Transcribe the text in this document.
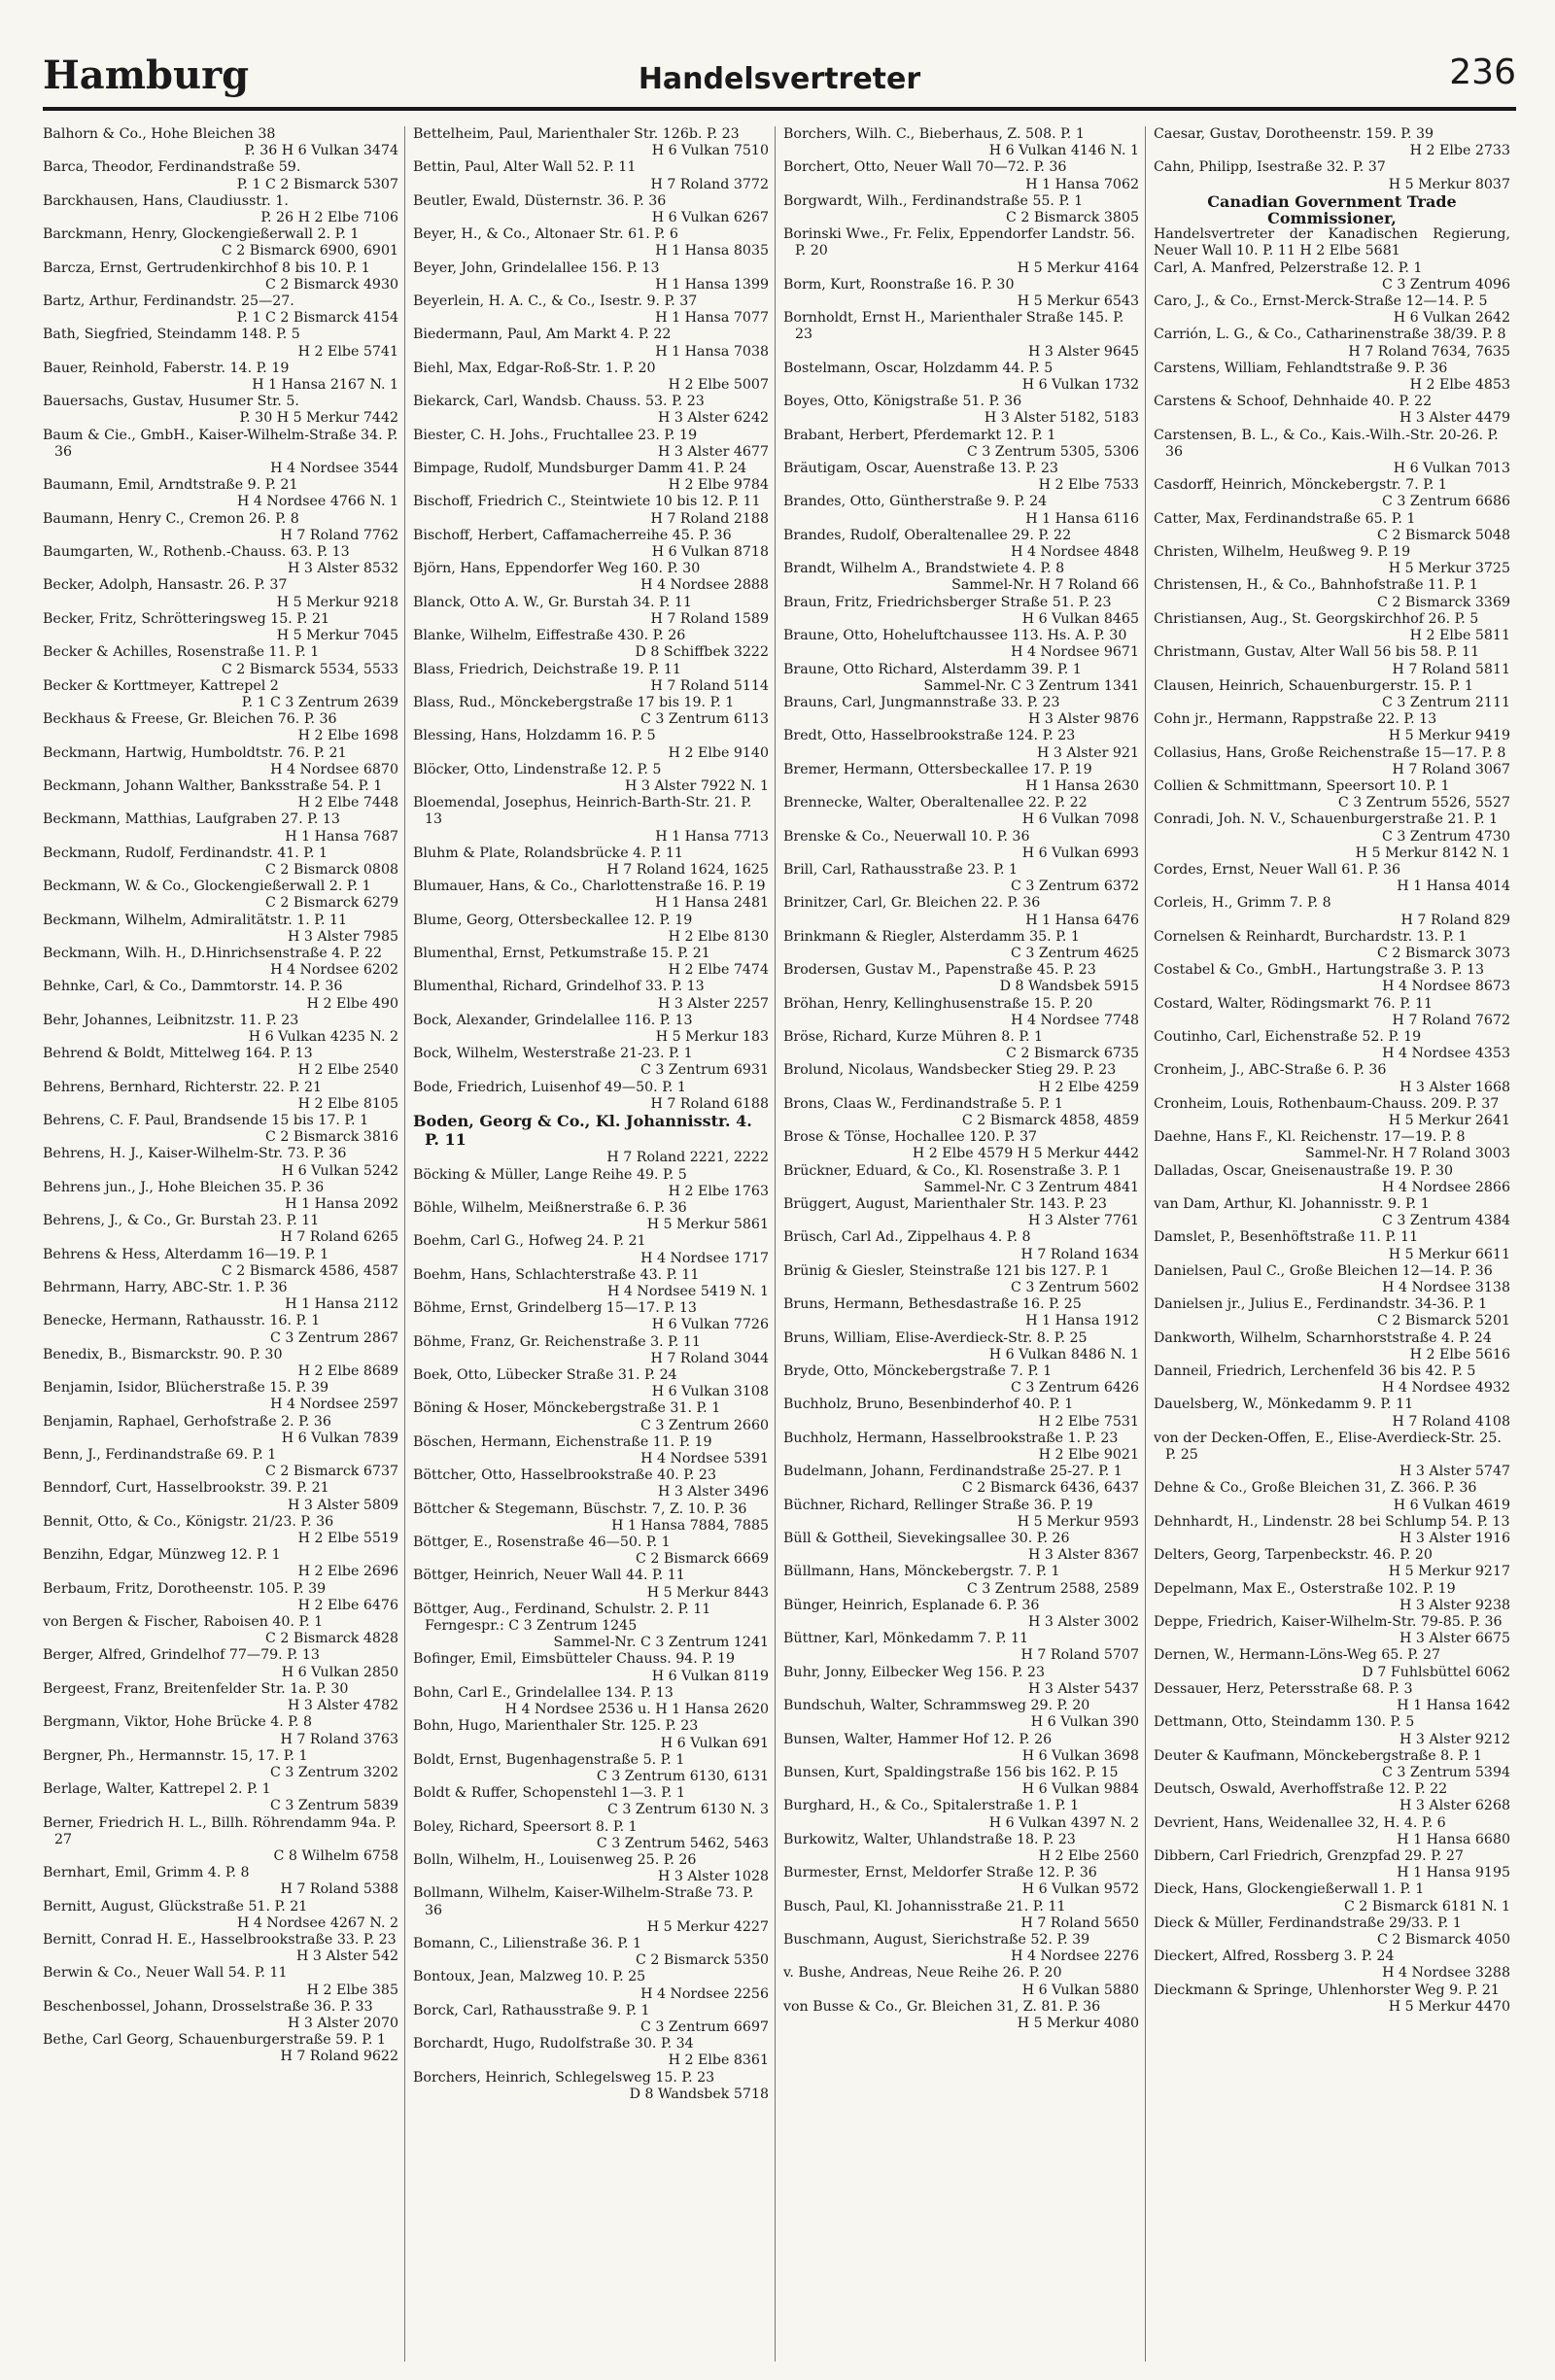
Hamburg	Handelsvertreter	236
Balhorn & Co., Hohe Bleichen 38
P. 36 H 6 Vulkan 3474
Barca, Theodor, Ferdinandstraße 59.
P. 1 C 2 Bismarck 5307
Barckhausen, Hans, Claudiusstr. 1.
P. 26 H 2 Elbe 7106
Barckmann, Henry, Glockengießerwall 2. P. 1
C 2 Bismarck 6900, 6901
Barcza, Ernst, Gertrudenkirchhof 8 bis 10. P. 1
C 2 Bismarck 4930
Bartz, Arthur, Ferdinandstr. 25—27.
P. 1 C 2 Bismarck 4154
Bath, Siegfried, Steindamm 148. P. 5
H 2 Elbe 5741
Bauer, Reinhold, Faberstr. 14. P. 19
H 1 Hansa 2167 N. 1
Bauersachs, Gustav, Husumer Str. 5.
P. 30 H 5 Merkur 7442
Baum & Cie., GmbH., Kaiser-Wilhelm-Straße 34. P. 36
H 4 Nordsee 3544
Baumann, Emil, Arndtstraße 9. P. 21
H 4 Nordsee 4766 N. 1
Baumann, Henry C., Cremon 26. P. 8
H 7 Roland 7762
Baumgarten, W., Rothenb.-Chauss. 63. P. 13
H 3 Alster 8532
Becker, Adolph, Hansastr. 26. P. 37
H 5 Merkur 9218
Becker, Fritz, Schrötteringsweg 15. P. 21
H 5 Merkur 7045
Becker & Achilles, Rosenstraße 11. P. 1
C 2 Bismarck 5534, 5533
Becker & Korttmeyer, Kattrepel 2
P. 1 C 3 Zentrum 2639
Beckhaus & Freese, Gr. Bleichen 76. P. 36
H 2 Elbe 1698
Beckmann, Hartwig, Humboldtstr. 76. P. 21
H 4 Nordsee 6870
Beckmann, Johann Walther, Banksstraße 54. P. 1
H 2 Elbe 7448
Beckmann, Matthias, Laufgraben 27. P. 13
H 1 Hansa 7687
Beckmann, Rudolf, Ferdinandstr. 41. P. 1
C 2 Bismarck 0808
Beckmann, W. & Co., Glockengießerwall 2. P. 1
C 2 Bismarck 6279
Beckmann, Wilhelm, Admiralitätstr. 1. P. 11
H 3 Alster 7985
Beckmann, Wilh. H., D.Hinrichsenstraße 4. P. 22
H 4 Nordsee 6202
Behnke, Carl, & Co., Dammtorstr. 14. P. 36
H 2 Elbe 490
Behr, Johannes, Leibnitzstr. 11. P. 23
H 6 Vulkan 4235 N. 2
Behrend & Boldt, Mittelweg 164. P. 13
H 2 Elbe 2540
Behrens, Bernhard, Richterstr. 22. P. 21
H 2 Elbe 8105
Behrens, C. F. Paul, Brandsende 15 bis 17. P. 1
C 2 Bismarck 3816
Behrens, H. J., Kaiser-Wilhelm-Str. 73. P. 36
H 6 Vulkan 5242
Behrens jun., J., Hohe Bleichen 35. P. 36
H 1 Hansa 2092
Behrens, J., & Co., Gr. Burstah 23. P. 11
H 7 Roland 6265
Behrens & Hess, Alterdamm 16—19. P. 1
C 2 Bismarck 4586, 4587
Behrmann, Harry, ABC-Str. 1. P. 36
H 1 Hansa 2112
Benecke, Hermann, Rathausstr. 16. P. 1
C 3 Zentrum 2867
Benedix, B., Bismarckstr. 90. P. 30
H 2 Elbe 8689
Benjamin, Isidor, Blücherstraße 15. P. 39
H 4 Nordsee 2597
Benjamin, Raphael, Gerhofstraße 2. P. 36
H 6 Vulkan 7839
Benn, J., Ferdinandstraße 69. P. 1
C 2 Bismarck 6737
Benndorf, Curt, Hasselbrookstr. 39. P. 21
H 3 Alster 5809
Bennit, Otto, & Co., Königstr. 21/23. P. 36
H 2 Elbe 5519
Benzihn, Edgar, Münzweg 12. P. 1
H 2 Elbe 2696
Berbaum, Fritz, Dorotheenstr. 105. P. 39
H 2 Elbe 6476
von Bergen & Fischer, Raboisen 40. P. 1
C 2 Bismarck 4828
Berger, Alfred, Grindelhof 77—79. P. 13
H 6 Vulkan 2850
Bergeest, Franz, Breitenfelder Str. 1a. P. 30
H 3 Alster 4782
Bergmann, Viktor, Hohe Brücke 4. P. 8
H 7 Roland 3763
Bergner, Ph., Hermannstr. 15, 17. P. 1
C 3 Zentrum 3202
Berlage, Walter, Kattrepel 2. P. 1
C 3 Zentrum 5839
Berner, Friedrich H. L., Billh. Röhrendamm 94a. P. 27
C 8 Wilhelm 6758
Bernhart, Emil, Grimm 4. P. 8
H 7 Roland 5388
Bernitt, August, Glückstraße 51. P. 21
H 4 Nordsee 4267 N. 2
Bernitt, Conrad H. E., Hasselbrookstraße 33. P. 23
H 3 Alster 542
Berwin & Co., Neuer Wall 54. P. 11
H 2 Elbe 385
Beschenbossel, Johann, Drosselstraße 36. P. 33
H 3 Alster 2070
Bethe, Carl Georg, Schauenburgerstraße 59. P. 1
H 7 Roland 9622
Bettelheim, Paul, Marienthaler Str. 126b. P. 23
H 6 Vulkan 7510
Bettin, Paul, Alter Wall 52. P. 11
H 7 Roland 3772
Beutler, Ewald, Düsternstr. 36. P. 36
H 6 Vulkan 6267
Beyer, H., & Co., Altonaer Str. 61. P. 6
H 1 Hansa 8035
Beyer, John, Grindelallee 156. P. 13
H 1 Hansa 1399
Beyerlein, H. A. C., & Co., Isestr. 9. P. 37
H 1 Hansa 7077
Biedermann, Paul, Am Markt 4. P. 22
H 1 Hansa 7038
Biehl, Max, Edgar-Roß-Str. 1. P. 20
H 2 Elbe 5007
Biekarck, Carl, Wandsb. Chauss. 53. P. 23
H 3 Alster 6242
Biester, C. H. Johs., Fruchtallee 23. P. 19
H 3 Alster 4677
Bimpage, Rudolf, Mundsburger Damm 41. P. 24
H 2 Elbe 9784
Bischoff, Friedrich C., Steintwiete 10 bis 12. P. 11
H 7 Roland 2188
Bischoff, Herbert, Caffamacherreihe 45. P. 36
H 6 Vulkan 8718
Björn, Hans, Eppendorfer Weg 160. P. 30
H 4 Nordsee 2888
Blanck, Otto A. W., Gr. Burstah 34. P. 11
H 7 Roland 1589
Blanke, Wilhelm, Eiffestraße 430. P. 26
D 8 Schiffbek 3222
Blass, Friedrich, Deichstraße 19. P. 11
H 7 Roland 5114
Blass, Rud., Mönckebergstraße 17 bis 19. P. 1
C 3 Zentrum 6113
Blessing, Hans, Holzdamm 16. P. 5
H 2 Elbe 9140
Blöcker, Otto, Lindenstraße 12. P. 5
H 3 Alster 7922 N. 1
Bloemendal, Josephus, Heinrich-Barth-Str. 21. P. 13
H 1 Hansa 7713
Bluhm & Plate, Rolandsbrücke 4. P. 11
H 7 Roland 1624, 1625
Blumauer, Hans, & Co., Charlottenstraße 16. P. 19
H 1 Hansa 2481
Blume, Georg, Ottersbeckallee 12. P. 19
H 2 Elbe 8130
Blumenthal, Ernst, Petkumstraße 15. P. 21
H 2 Elbe 7474
Blumenthal, Richard, Grindelhof 33. P. 13
H 3 Alster 2257
Bock, Alexander, Grindelallee 116. P. 13
H 5 Merkur 183
Bock, Wilhelm, Westerstraße 21-23. P. 1
C 3 Zentrum 6931
Bode, Friedrich, Luisenhof 49—50. P. 1
H 7 Roland 6188
Boden, Georg & Co., Kl. Johannisstr. 4. P. 11
H 7 Roland 2221, 2222
Böcking & Müller, Lange Reihe 49. P. 5
H 2 Elbe 1763
Böhle, Wilhelm, Meißnerstraße 6. P. 36
H 5 Merkur 5861
Boehm, Carl G., Hofweg 24. P. 21
H 4 Nordsee 1717
Boehm, Hans, Schlachterstraße 43. P. 11
H 4 Nordsee 5419 N. 1
Böhme, Ernst, Grindelberg 15—17. P. 13
H 6 Vulkan 7726
Böhme, Franz, Gr. Reichenstraße 3. P. 11
H 7 Roland 3044
Boek, Otto, Lübecker Straße 31. P. 24
H 6 Vulkan 3108
Böning & Hoser, Mönckebergstraße 31. P. 1
C 3 Zentrum 2660
Böschen, Hermann, Eichenstraße 11. P. 19
H 4 Nordsee 5391
Böttcher, Otto, Hasselbrookstraße 40. P. 23
H 3 Alster 3496
Böttcher & Stegemann, Büschstr. 7, Z. 10. P. 36
H 1 Hansa 7884, 7885
Böttger, E., Rosenstraße 46—50. P. 1
C 2 Bismarck 6669
Böttger, Heinrich, Neuer Wall 44. P. 11
H 5 Merkur 8443
Böttger, Aug., Ferdinand, Schulstr. 2. P. 11 Ferngespr.: C 3 Zentrum 1245
Sammel-Nr. C 3 Zentrum 1241
Bofinger, Emil, Eimsbütteler Chauss. 94. P. 19
H 6 Vulkan 8119
Bohn, Carl E., Grindelallee 134. P. 13
H 4 Nordsee 2536 u. H 1 Hansa 2620
Bohn, Hugo, Marienthaler Str. 125. P. 23
H 6 Vulkan 691
Boldt, Ernst, Bugenhagenstraße 5. P. 1
C 3 Zentrum 6130, 6131
Boldt & Ruffer, Schopenstehl 1—3. P. 1
C 3 Zentrum 6130 N. 3
Boley, Richard, Speersort 8. P. 1
C 3 Zentrum 5462, 5463
Bolln, Wilhelm, H., Louisenweg 25. P. 26
H 3 Alster 1028
Bollmann, Wilhelm, Kaiser-Wilhelm-Straße 73. P. 36
H 5 Merkur 4227
Bomann, C., Lilienstraße 36. P. 1
C 2 Bismarck 5350
Bontoux, Jean, Malzweg 10. P. 25
H 4 Nordsee 2256
Borck, Carl, Rathausstraße 9. P. 1
C 3 Zentrum 6697
Borchardt, Hugo, Rudolfstraße 30. P. 34
H 2 Elbe 8361
Borchers, Heinrich, Schlegelsweg 15. P. 23
D 8 Wandsbek 5718
Borchers, Wilh. C., Bieberhaus, Z. 508. P. 1
H 6 Vulkan 4146 N. 1
Borchert, Otto, Neuer Wall 70—72. P. 36
H 1 Hansa 7062
Borgwardt, Wilh., Ferdinandstraße 55. P. 1
C 2 Bismarck 3805
Borinski Wwe., Fr. Felix, Eppendorfer Landstr. 56. P. 20
H 5 Merkur 4164
Borm, Kurt, Roonstraße 16. P. 30
H 5 Merkur 6543
Bornholdt, Ernst H., Marienthaler Straße 145. P. 23
H 3 Alster 9645
Bostelmann, Oscar, Holzdamm 44. P. 5
H 6 Vulkan 1732
Boyes, Otto, Königstraße 51. P. 36
H 3 Alster 5182, 5183
Brabant, Herbert, Pferdemarkt 12. P. 1
C 3 Zentrum 5305, 5306
Bräutigam, Oscar, Auenstraße 13. P. 23
H 2 Elbe 7533
Brandes, Otto, Güntherstraße 9. P. 24
H 1 Hansa 6116
Brandes, Rudolf, Oberaltenallee 29. P. 22
H 4 Nordsee 4848
Brandt, Wilhelm A., Brandstwiete 4. P. 8
Sammel-Nr. H 7 Roland 66
Braun, Fritz, Friedrichsberger Straße 51. P. 23
H 6 Vulkan 8465
Braune, Otto, Hoheluftchaussee 113. Hs. A. P. 30
H 4 Nordsee 9671
Braune, Otto Richard, Alsterdamm 39. P. 1
Sammel-Nr. C 3 Zentrum 1341
Brauns, Carl, Jungmannstraße 33. P. 23
H 3 Alster 9876
Bredt, Otto, Hasselbrookstraße 124. P. 23
H 3 Alster 921
Bremer, Hermann, Ottersbeckallee 17. P. 19
H 1 Hansa 2630
Brennecke, Walter, Oberaltenallee 22. P. 22
H 6 Vulkan 7098
Brenske & Co., Neuerwall 10. P. 36
H 6 Vulkan 6993
Brill, Carl, Rathausstraße 23. P. 1
C 3 Zentrum 6372
Brinitzer, Carl, Gr. Bleichen 22. P. 36
H 1 Hansa 6476
Brinkmann & Riegler, Alsterdamm 35. P. 1
C 3 Zentrum 4625
Brodersen, Gustav M., Papenstraße 45. P. 23
D 8 Wandsbek 5915
Bröhan, Henry, Kellinghusenstraße 15. P. 20
H 4 Nordsee 7748
Bröse, Richard, Kurze Mühren 8. P. 1
C 2 Bismarck 6735
Brolund, Nicolaus, Wandsbecker Stieg 29. P. 23
H 2 Elbe 4259
Brons, Claas W., Ferdinandstraße 5. P. 1
C 2 Bismarck 4858, 4859
Brose & Tönse, Hochallee 120. P. 37
H 2 Elbe 4579 H 5 Merkur 4442
Brückner, Eduard, & Co., Kl. Rosenstraße 3. P. 1
Sammel-Nr. C 3 Zentrum 4841
Brüggert, August, Marienthaler Str. 143. P. 23
H 3 Alster 7761
Brüsch, Carl Ad., Zippelhaus 4. P. 8
H 7 Roland 1634
Brünig & Giesler, Steinstraße 121 bis 127. P. 1
C 3 Zentrum 5602
Bruns, Hermann, Bethesdastraße 16. P. 25
H 1 Hansa 1912
Bruns, William, Elise-Averdieck-Str. 8. P. 25
H 6 Vulkan 8486 N. 1
Bryde, Otto, Mönckebergstraße 7. P. 1
C 3 Zentrum 6426
Buchholz, Bruno, Besenbinderhof 40. P. 1
H 2 Elbe 7531
Buchholz, Hermann, Hasselbrookstraße 1. P. 23
H 2 Elbe 9021
Budelmann, Johann, Ferdinandstraße 25-27. P. 1
C 2 Bismarck 6436, 6437
Büchner, Richard, Rellinger Straße 36. P. 19
H 5 Merkur 9593
Büll & Gottheil, Sievekingsallee 30. P. 26
H 3 Alster 8367
Büllmann, Hans, Mönckebergstr. 7. P. 1
C 3 Zentrum 2588, 2589
Bünger, Heinrich, Esplanade 6. P. 36
H 3 Alster 3002
Büttner, Karl, Mönkedamm 7. P. 11
H 7 Roland 5707
Buhr, Jonny, Eilbecker Weg 156. P. 23
H 3 Alster 5437
Bundschuh, Walter, Schrammsweg 29. P. 20
H 6 Vulkan 390
Bunsen, Walter, Hammer Hof 12. P. 26
H 6 Vulkan 3698
Bunsen, Kurt, Spaldingstraße 156 bis 162. P. 15
H 6 Vulkan 9884
Burghard, H., & Co., Spitalerstraße 1. P. 1
H 6 Vulkan 4397 N. 2
Burkowitz, Walter, Uhlandstraße 18. P. 23
H 2 Elbe 2560
Burmester, Ernst, Meldorfer Straße 12. P. 36
H 6 Vulkan 9572
Busch, Paul, Kl. Johannisstraße 21. P. 11
H 7 Roland 5650
Buschmann, August, Sierichstraße 52. P. 39
H 4 Nordsee 2276
v. Bushe, Andreas, Neue Reihe 26. P. 20
H 6 Vulkan 5880
von Busse & Co., Gr. Bleichen 31, Z. 81. P. 36
H 5 Merkur 4080
Caesar, Gustav, Dorotheenstr. 159. P. 39
H 2 Elbe 2733
Cahn, Philipp, Isestraße 32. P. 37
H 5 Merkur 8037
Canadian Government Trade Commissioner,
Handelsvertreter der Kanadischen Regierung, Neuer Wall 10. P. 11 H 2 Elbe 5681
Carl, A. Manfred, Pelzerstraße 12. P. 1
C 3 Zentrum 4096
Caro, J., & Co., Ernst-Merck-Straße 12—14. P. 5
H 6 Vulkan 2642
Carrión, L. G., & Co., Catharinenstraße 38/39. P. 8
H 7 Roland 7634, 7635
Carstens, William, Fehlandtstraße 9. P. 36
H 2 Elbe 4853
Carstens & Schoof, Dehnhaide 40. P. 22
H 3 Alster 4479
Carstensen, B. L., & Co., Kais.-Wilh.-Str. 20-26. P. 36
H 6 Vulkan 7013
Casdorff, Heinrich, Mönckebergstr. 7. P. 1
C 3 Zentrum 6686
Catter, Max, Ferdinandstraße 65. P. 1
C 2 Bismarck 5048
Christen, Wilhelm, Heußweg 9. P. 19
H 5 Merkur 3725
Christensen, H., & Co., Bahnhofstraße 11. P. 1
C 2 Bismarck 3369
Christiansen, Aug., St. Georgskirchhof 26. P. 5
H 2 Elbe 5811
Christmann, Gustav, Alter Wall 56 bis 58. P. 11
H 7 Roland 5811
Clausen, Heinrich, Schauenburgerstr. 15. P. 1
C 3 Zentrum 2111
Cohn jr., Hermann, Rappstraße 22. P. 13
H 5 Merkur 9419
Collasius, Hans, Große Reichenstraße 15—17. P. 8
H 7 Roland 3067
Collien & Schmittmann, Speersort 10. P. 1
C 3 Zentrum 5526, 5527
Conradi, Joh. N. V., Schauenburgerstraße 21. P. 1
C 3 Zentrum 4730
H 5 Merkur 8142 N. 1
Cordes, Ernst, Neuer Wall 61. P. 36
H 1 Hansa 4014
Corleis, H., Grimm 7. P. 8
H 7 Roland 829
Cornelsen & Reinhardt, Burchardstr. 13. P. 1
C 2 Bismarck 3073
Costabel & Co., GmbH., Hartungstraße 3. P. 13
H 4 Nordsee 8673
Costard, Walter, Rödingsmarkt 76. P. 11
H 7 Roland 7672
Coutinho, Carl, Eichenstraße 52. P. 19
H 4 Nordsee 4353
Cronheim, J., ABC-Straße 6. P. 36
H 3 Alster 1668
Cronheim, Louis, Rothenbaum-Chauss. 209. P. 37
H 5 Merkur 2641
Daehne, Hans F., Kl. Reichenstr. 17—19. P. 8
Sammel-Nr. H 7 Roland 3003
Dalladas, Oscar, Gneisenaustraße 19. P. 30
H 4 Nordsee 2866
van Dam, Arthur, Kl. Johannisstr. 9. P. 1
C 3 Zentrum 4384
Damslet, P., Besenhöftstraße 11. P. 11
H 5 Merkur 6611
Danielsen, Paul C., Große Bleichen 12—14. P. 36
H 4 Nordsee 3138
Danielsen jr., Julius E., Ferdinandstr. 34-36. P. 1
C 2 Bismarck 5201
Dankworth, Wilhelm, Scharnhorststraße 4. P. 24
H 2 Elbe 5616
Danneil, Friedrich, Lerchenfeld 36 bis 42. P. 5
H 4 Nordsee 4932
Dauelsberg, W., Mönkedamm 9. P. 11
H 7 Roland 4108
von der Decken-Offen, E., Elise-Averdieck-Str. 25. P. 25
H 3 Alster 5747
Dehne & Co., Große Bleichen 31, Z. 366. P. 36
H 6 Vulkan 4619
Dehnhardt, H., Lindenstr. 28 bei Schlump 54. P. 13
H 3 Alster 1916
Delters, Georg, Tarpenbeckstr. 46. P. 20
H 5 Merkur 9217
Depelmann, Max E., Osterstraße 102. P. 19
H 3 Alster 9238
Deppe, Friedrich, Kaiser-Wilhelm-Str. 79-85. P. 36
H 3 Alster 6675
Dernen, W., Hermann-Löns-Weg 65. P. 27
D 7 Fuhlsbüttel 6062
Dessauer, Herz, Petersstraße 68. P. 3
H 1 Hansa 1642
Dettmann, Otto, Steindamm 130. P. 5
H 3 Alster 9212
Deuter & Kaufmann, Mönckebergstraße 8. P. 1
C 3 Zentrum 5394
Deutsch, Oswald, Averhoffstraße 12. P. 22
H 3 Alster 6268
Devrient, Hans, Weidenallee 32, H. 4. P. 6
H 1 Hansa 6680
Dibbern, Carl Friedrich, Grenzpfad 29. P. 27
H 1 Hansa 9195
Dieck, Hans, Glockengießerwall 1. P. 1
C 2 Bismarck 6181 N. 1
Dieck & Müller, Ferdinandstraße 29/33. P. 1
C 2 Bismarck 4050
Dieckert, Alfred, Rossberg 3. P. 24
H 4 Nordsee 3288
Dieckmann & Springe, Uhlenhorster Weg 9. P. 21
H 5 Merkur 4470
